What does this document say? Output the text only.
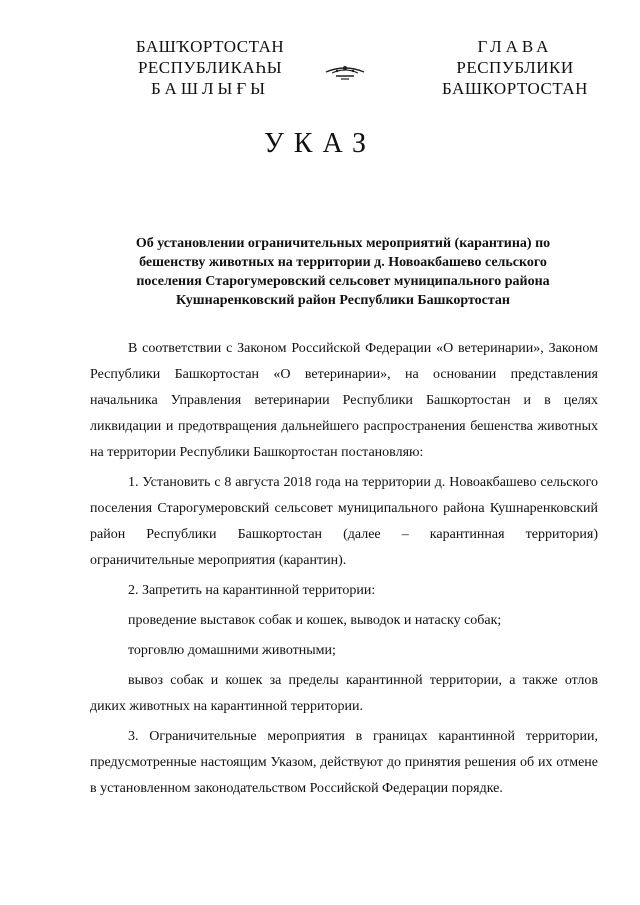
БАШҠОРТОСТАН
РЕСПУБЛИКАҺЫ
БАШЛЫҒЫ
ГЛАВА
РЕСПУБЛИКИ
БАШКОРТОСТАН
УКАЗ
Об установлении ограничительных мероприятий (карантина) по бешенству животных на территории д. Новоакбашево сельского поселения Старогумеровский сельсовет муниципального района Кушнаренковский район Республики Башкортостан

В соответствии с Законом Российской Федерации «О ветеринарии», Законом Республики Башкортостан «О ветеринарии», на основании представления начальника Управления ветеринарии Республики Башкортостан и в целях ликвидации и предотвращения дальнейшего распространения бешенства животных на территории Республики Башкортостан постановляю:

1. Установить с 8 августа 2018 года на территории д. Новоакбашево сельского поселения Старогумеровский сельсовет муниципального района Кушнаренковский район Республики Башкортостан (далее – карантинная территория) ограничительные мероприятия (карантин).

2. Запретить на карантинной территории:

проведение выставок собак и кошек, выводок и натаску собак;

торговлю домашними животными;

вывоз собак и кошек за пределы карантинной территории, а также отлов диких животных на карантинной территории.

3. Ограничительные мероприятия в границах карантинной территории, предусмотренные настоящим Указом, действуют до принятия решения об их отмене в установленном законодательством Российской Федерации порядке.
